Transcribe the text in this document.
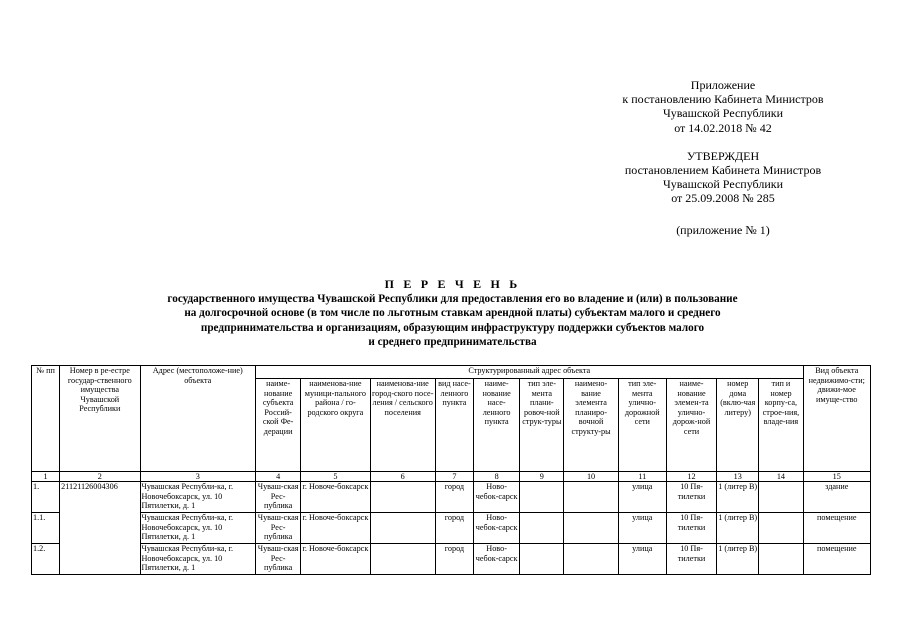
Приложение
к постановлению Кабинета Министров
Чувашской Республики
от 14.02.2018 № 42
УТВЕРЖДЕН
постановлением Кабинета Министров
Чувашской Республики
от 25.09.2008 № 285
(приложение № 1)
П Е Р Е Ч Е Н Ь
государственного имущества Чувашской Республики для предоставления его во владение и (или) в пользование
на долгосрочной основе (в том числе по льготным ставкам арендной платы) субъектам малого и среднего
предпринимательства и организациям, образующим инфраструктуру поддержки субъектов малого
и среднего предпринимательства
№ пп	Номер в ре-естре государ-ственного имущества Чувашской Республики	Адрес (местоположе-ние) объекта	Структурированный адрес объекта											Вид объекта недвижимо-сти; движи-мое имуще-ство
			наиме-нование субъекта Россий-ской Фе-дерации	наименова-ние муници-пального района / го-родского округа	наименова-ние город-ского посе-ления / сельского поселения	вид насе-ленного пункта	наиме-нование насе-ленного пункта	тип эле-мента плани-ровоч-ной струк-туры	наимено-вание элемента планиро-вочной структу-ры	тип эле-мента улично-дорожной сети	наиме-нование элемен-та улично-дорож-ной сети	номер дома (вклю-чая литеру)	тип и номер корпу-са, строе-ния, владе-ния	
1	2	3	4	5	6	7	8	9	10	11	12	13	14	15
1.	21121126004306	Чувашская Республи-ка, г. Новочебоксарск, ул. 10 Пятилетки, д. 1	Чуваш-ская Рес-публика	г. Новоче-боксарск		город	Ново-чебок-сарск			улица	10 Пя-тилетки	1 (литер В)		здание
1.1.		Чувашская Республи-ка, г. Новочебоксарск, ул. 10 Пятилетки, д. 1	Чуваш-ская Рес-публика	г. Новоче-боксарск		город	Ново-чебок-сарск			улица	10 Пя-тилетки	1 (литер В)		помещение
1.2.		Чувашская Республи-ка, г. Новочебоксарск, ул. 10 Пятилетки, д. 1	Чуваш-ская Рес-публика	г. Новоче-боксарск		город	Ново-чебок-сарск			улица	10 Пя-тилетки	1 (литер В)		помещение
